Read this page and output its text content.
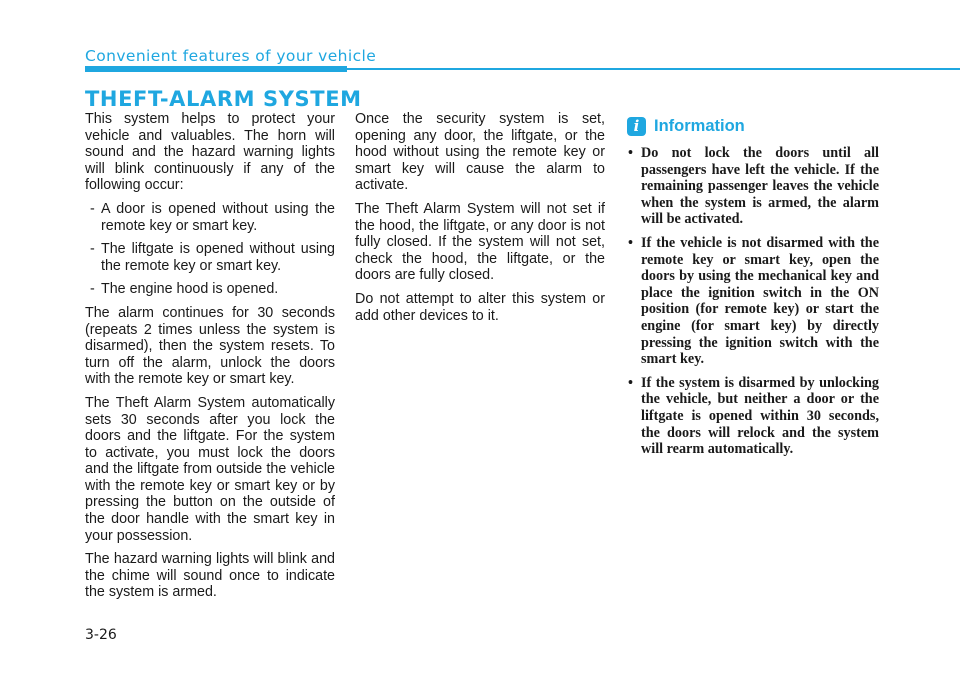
Convenient features of your vehicle
THEFT-ALARM SYSTEM

This system helps to protect your vehicle and valuables. The horn will sound and the hazard warning lights will blink continuously if any of the following occur:

- A door is opened without using the remote key or smart key.
- The liftgate is opened without using the remote key or smart key.
- The engine hood is opened.

The alarm continues for 30 seconds (repeats 2 times unless the system is disarmed), then the system resets. To turn off the alarm, unlock the doors with the remote key or smart key.

The Theft Alarm System automatically sets 30 seconds after you lock the doors and the liftgate. For the system to activate, you must lock the doors and the liftgate from outside the vehicle with the remote key or smart key or by pressing the button on the outside of the door handle with the smart key in your possession.

The hazard warning lights will blink and the chime will sound once to indicate the system is armed.

Once the security system is set, opening any door, the liftgate, or the hood without using the remote key or smart key will cause the alarm to activate.

The Theft Alarm System will not set if the hood, the liftgate, or any door is not fully closed. If the system will not set, check the hood, the liftgate, or the doors are fully closed.

Do not attempt to alter this system or add other devices to it.

i Information
• Do not lock the doors until all passengers have left the vehicle. If the remaining passenger leaves the vehicle when the system is armed, the alarm will be activated.
• If the vehicle is not disarmed with the remote key or smart key, open the doors by using the mechanical key and place the ignition switch in the ON position (for remote key) or start the engine (for smart key) by directly pressing the ignition switch with the smart key.
• If the system is disarmed by unlocking the vehicle, but neither a door or the liftgate is opened within 30 seconds, the doors will relock and the system will rearm automatically.
3-26
